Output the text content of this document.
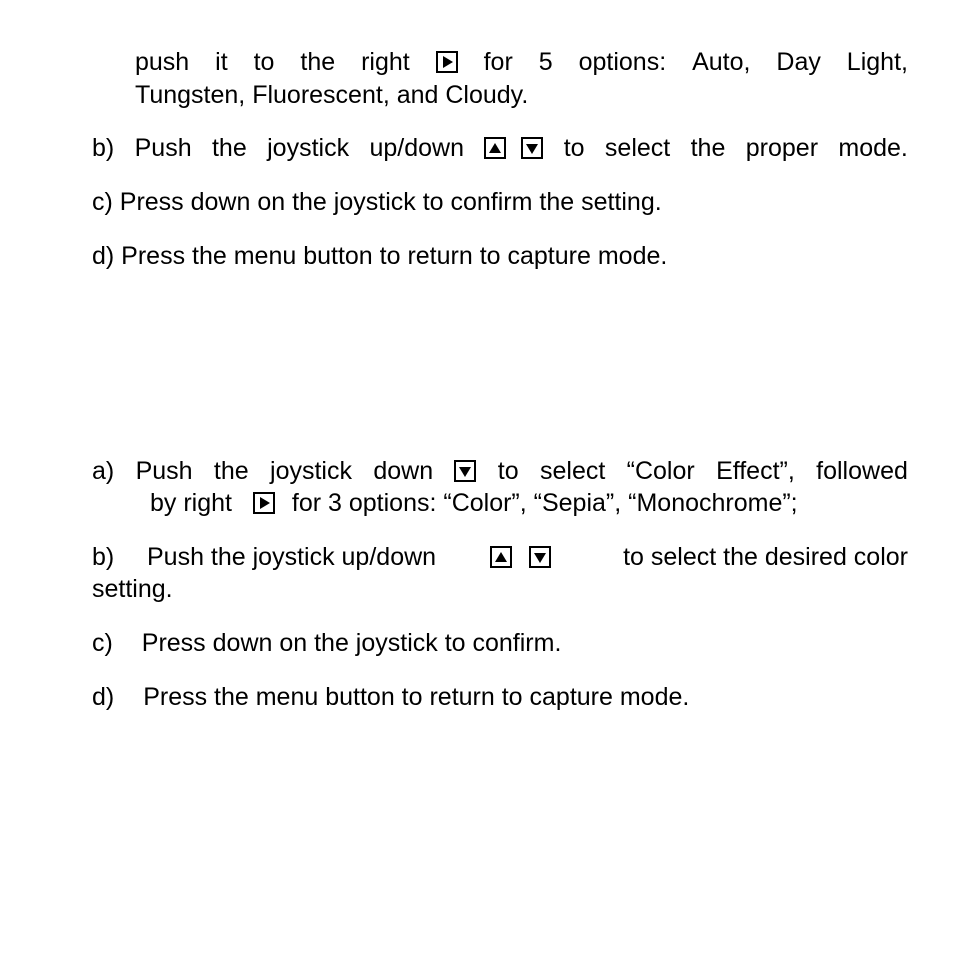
push it to the right	for 5 options: Auto, Day Light,
Tungsten, Fluorescent, and Cloudy.
b) Push the joystick up/down
	to select the proper mode.
c) Press down on the joystick to confirm the setting.
d) Press the menu button to return to capture mode.
a) Push the joystick down	to select “Color Effect”, followed
by right for 3 options: “Color”, “Sepia”, “Monochrome”;
b) Push the joystick up/down	to select the desired color
setting.
c) Press down on the joystick to confirm.
d) Press the menu button to return to capture mode.
